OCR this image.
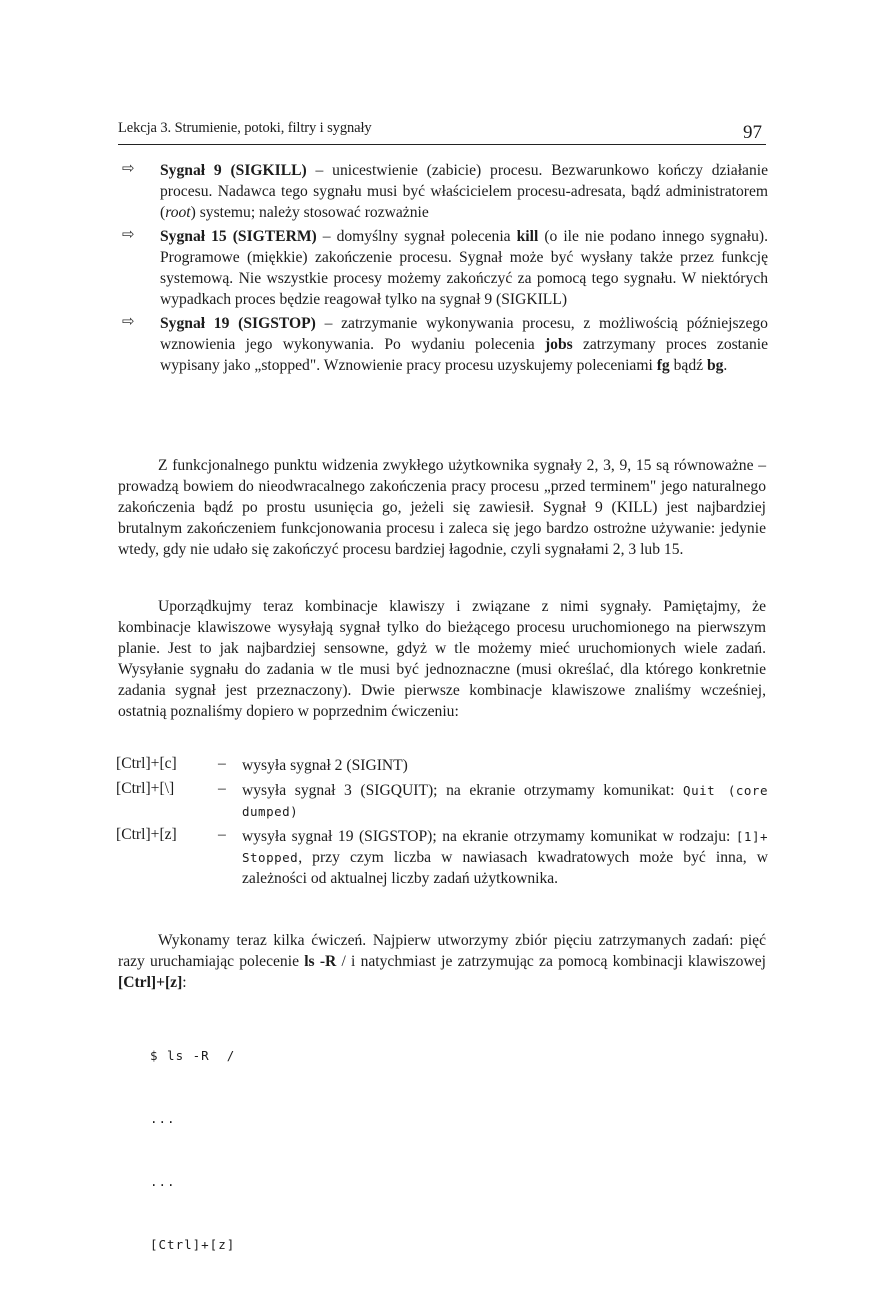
Lekcja 3. Strumienie, potoki, filtry i sygnały	97
⇨ Sygnał 9 (SIGKILL) – unicestwienie (zabicie) procesu. Bezwarunkowo kończy działanie procesu. Nadawca tego sygnału musi być właścicielem procesu-adresata, bądź administratorem (root) systemu; należy stosować rozważnie

⇨ Sygnał 15 (SIGTERM) – domyślny sygnał polecenia kill (o ile nie podano innego sygnału). Programowe (miękkie) zakończenie procesu. Sygnał może być wysłany także przez funkcję systemową. Nie wszystkie procesy możemy zakończyć za pomocą tego sygnału. W niektórych wypadkach proces będzie reagował tylko na sygnał 9 (SIGKILL)

⇨ Sygnał 19 (SIGSTOP) – zatrzymanie wykonywania procesu, z możliwością późniejszego wznowienia jego wykonywania. Po wydaniu polecenia jobs zatrzymany proces zostanie wypisany jako „stopped". Wznowienie pracy procesu uzyskujemy poleceniami fg bądź bg.

Z funkcjonalnego punktu widzenia zwykłego użytkownika sygnały 2, 3, 9, 15 są równoważne – prowadzą bowiem do nieodwracalnego zakończenia pracy procesu „przed terminem" jego naturalnego zakończenia bądź po prostu usunięcia go, jeżeli się zawiesił. Sygnał 9 (KILL) jest najbardziej brutalnym zakończeniem funkcjonowania procesu i zaleca się jego bardzo ostrożne używanie: jedynie wtedy, gdy nie udało się zakończyć procesu bardziej łagodnie, czyli sygnałami 2, 3 lub 15.

Uporządkujmy teraz kombinacje klawiszy i związane z nimi sygnały. Pamiętajmy, że kombinacje klawiszowe wysyłają sygnał tylko do bieżącego procesu uruchomionego na pierwszym planie. Jest to jak najbardziej sensowne, gdyż w tle możemy mieć uruchomionych wiele zadań. Wysyłanie sygnału do zadania w tle musi być jednoznaczne (musi określać, dla którego konkretnie zadania sygnał jest przeznaczony). Dwie pierwsze kombinacje klawiszowe znaliśmy wcześniej, ostatnią poznaliśmy dopiero w poprzednim ćwiczeniu:

[Ctrl]+[c]	– wysyła sygnał 2 (SIGINT)
[Ctrl]+[\]	– wysyła sygnał 3 (SIGQUIT); na ekranie otrzymamy komunikat: Quit (core dumped)
[Ctrl]+[z]	– wysyła sygnał 19 (SIGSTOP); na ekranie otrzymamy komunikat w rodzaju: [1]+ Stopped, przy czym liczba w nawiasach kwadratowych może być inna, w zależności od aktualnej liczby zadań użytkownika.

Wykonamy teraz kilka ćwiczeń. Najpierw utworzymy zbiór pięciu zatrzymanych zadań: pięć razy uruchamiając polecenie ls -R / i natychmiast je zatrzymując za pomocą kombinacji klawiszowej [Ctrl]+[z]:

$ ls -R  /

...

...

[Ctrl]+[z]
